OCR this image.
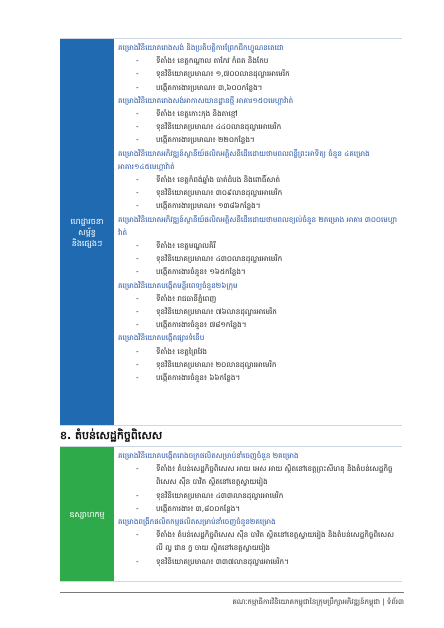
ហេដ្ឋារចនាសម្ព័ន្ធ
និងផ្សេងៗ
គម្រោងវិនិយោគរោងសង់ និងប្រតិបត្តិការព្រែកជីកហ្វូណនតេជោ
- ទីតាំង៖ ខេត្តកណ្ដាល តាកែវ កំពត និងកែប
- ទុនវិនិយោគប្រមាណ៖ ១,៧០០លានដុល្លារអាមេរិក
- បង្កើតការងារប្រមាណ៖ ៣,៦០០កន្លែង។
គម្រោងវិនិយោគរោងសង់អាកាសយានដ្ឋានថ្មី អាគារ១៥០មេហ្គាវ៉ាត់
- ទីតាំង៖ ខេត្តកោះកុង និងតាខ្មៅ
- ទុនវិនិយោគប្រមាណ៖ ៤៤០លានដុល្លារអាមេរិក
- បង្កើតការងារប្រមាណ៖ ២២០កន្លែង។
គម្រោងវិនិយោគអភិវឌ្ឍន៍ស្ថានីយ៍ផលិតអគ្គិសនីដើរដោយថាមពលពន្លឺព្រះអាទិត្យ ចំនួន ៤គម្រោង អាគារ១៤៥មេហ្គាវ៉ាត់
- ទីតាំង៖ ខេត្តកំពង់ឆ្នាំង បាត់ដំបង និងពោធិ៍សាត់
- ទុនវិនិយោគប្រមាណ៖ ៣០៩លានដុល្លារអាមេរិក
- បង្កើតការងារប្រមាណ៖ ១៣៨៦កន្លែង។
គម្រោងវិនិយោគអភិវឌ្ឍន៍ស្ថានីយ៍ផលិតអគ្គិសនីដើរដោយថាមពលខ្យល់ចំនួន ២គម្រោង អាគារ ៣០០មេហ្គាវ៉ាត់
- ទីតាំង៖ ខេត្តមណ្ឌលគិរី
- ទុនវិនិយោគប្រមាណ៖ ៤៣០លានដុល្លារអាមេរិក
- បង្កើតការងារចំនួន៖ ១៦៥កន្លែង។
គម្រោងវិនិយោគបង្កើតមន្ទីរពេទ្យចំនួន២៦ក្រុម
- ទីតាំង៖ រាជធានីភ្នំពេញ
- ទុនវិនិយោគប្រមាណ៖ ៧៦លានដុល្លារអាមេរិក
- បង្កើតការងារចំនួន៖ ៧៨១កន្លែង។
គម្រោងវិនិយោគបង្កើតផ្សារទំនើប
- ទីតាំង៖ ខេត្តព្រៃវែង
- ទុនវិនិយោគប្រមាណ៖ ២០លានដុល្លារអាមេរិក
- បង្កើតការងារចំនួន៖ ៦៦កន្លែង។
ខ. តំបន់សេដ្ឋកិច្ចពិសេស
ឧស្សាហកម្ម
គម្រោងវិនិយោគបង្កើតរោងចក្រផលិតសម្រាប់នាំចេញចំនួន ២គម្រោង
- ទីតាំង៖ តំបន់សេដ្ឋកិច្ចពិសេស អាយ អេស អាយ ស្ថិតនៅខេត្តព្រះសីហនុ និងតំបន់សេដ្ឋកិច្ចពិសេស ស៊ីន បាវិត ស្ថិតនៅខេត្តស្វាយរៀង
- ទុនវិនិយោគប្រមាណ៖ ៤៣៣លានដុល្លារអាមេរិក
- បង្កើតការងារ៖ ៣,៨០០កន្លែង។
គម្រោងពង្រីកផលិតកម្មផលិតសម្រាប់នាំចេញចំនួន២គម្រោង
- ទីតាំង៖ តំបន់សេដ្ឋកិច្ចពិសេស ស៊ីន បាវិត ស្ថិតនៅខេត្តស្វាយរៀង និងតំបន់សេដ្ឋកិច្ចពិសេស លី ល្វ ជាន ក្វ ចាយ ស្ថិតនៅខេត្តស្វាយរៀង
- ទុនវិនិយោគប្រមាណ៖ ៣៣៧លានដុល្លារអាមេរិក។
គណៈកម្មាធិការវិនិយោគកម្ពុជានៃក្រុមប្រឹក្សាអភិវឌ្ឍន៍កម្ពុជា | ទំព័រ៣
